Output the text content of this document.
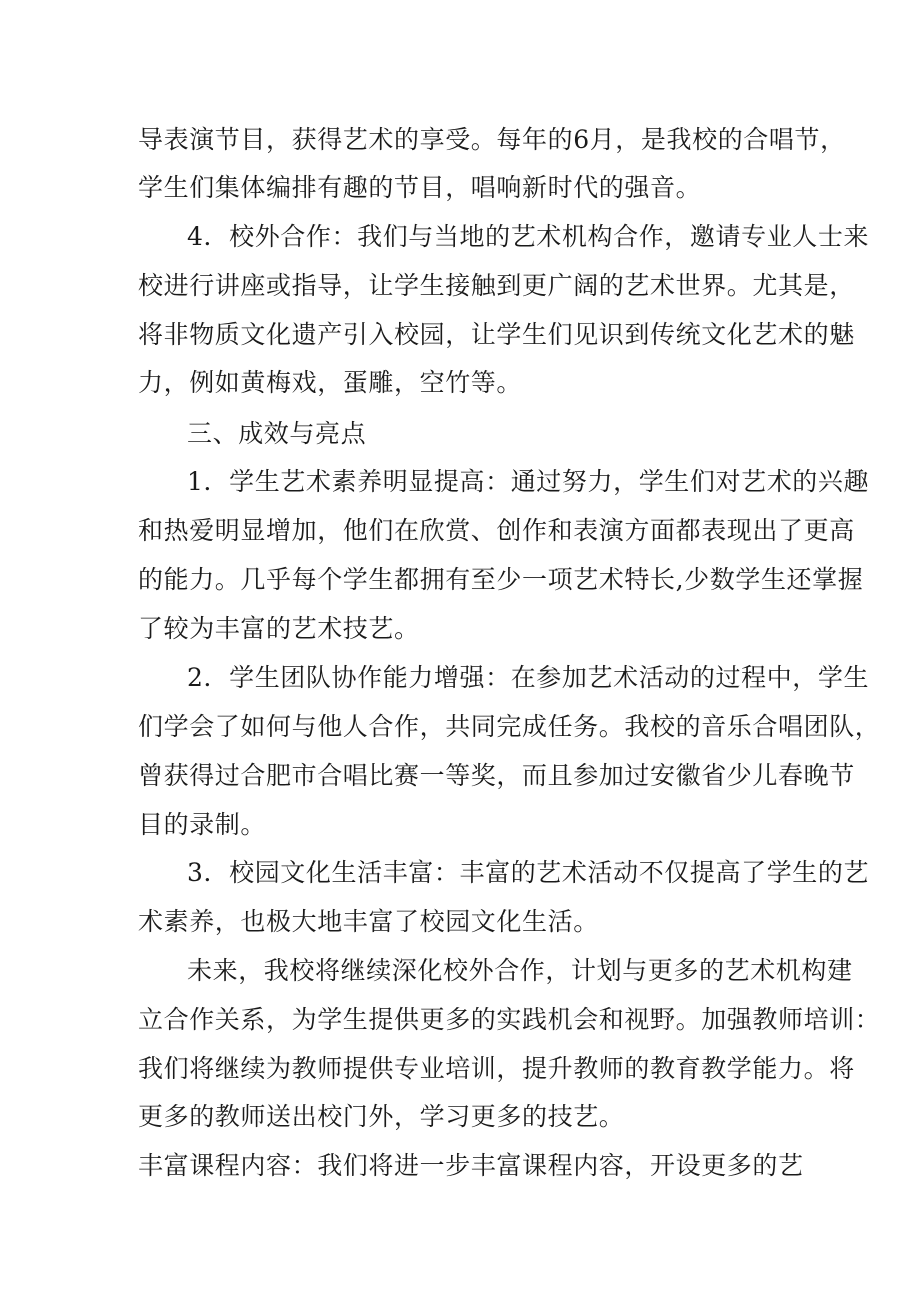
导表演节目，获得艺术的享受。每年的6月，是我校的合唱节，
学生们集体编排有趣的节目，唱响新时代的强音。
4．校外合作：我们与当地的艺术机构合作，邀请专业人士来
校进行讲座或指导，让学生接触到更广阔的艺术世界。尤其是，
将非物质文化遗产引入校园，让学生们见识到传统文化艺术的魅
力，例如黄梅戏，蛋雕，空竹等。
三、成效与亮点
1．学生艺术素养明显提高：通过努力，学生们对艺术的兴趣
和热爱明显增加，他们在欣赏、创作和表演方面都表现出了更高
的能力。几乎每个学生都拥有至少一项艺术特长,少数学生还掌握
了较为丰富的艺术技艺。
2．学生团队协作能力增强：在参加艺术活动的过程中，学生
们学会了如何与他人合作，共同完成任务。我校的音乐合唱团队，
曾获得过合肥市合唱比赛一等奖，而且参加过安徽省少儿春晚节
目的录制。
3．校园文化生活丰富：丰富的艺术活动不仅提高了学生的艺
术素养，也极大地丰富了校园文化生活。
未来，我校将继续深化校外合作，计划与更多的艺术机构建
立合作关系，为学生提供更多的实践机会和视野。加强教师培训：
我们将继续为教师提供专业培训，提升教师的教育教学能力。将
更多的教师送出校门外，学习更多的技艺。
丰富课程内容：我们将进一步丰富课程内容，开设更多的艺
